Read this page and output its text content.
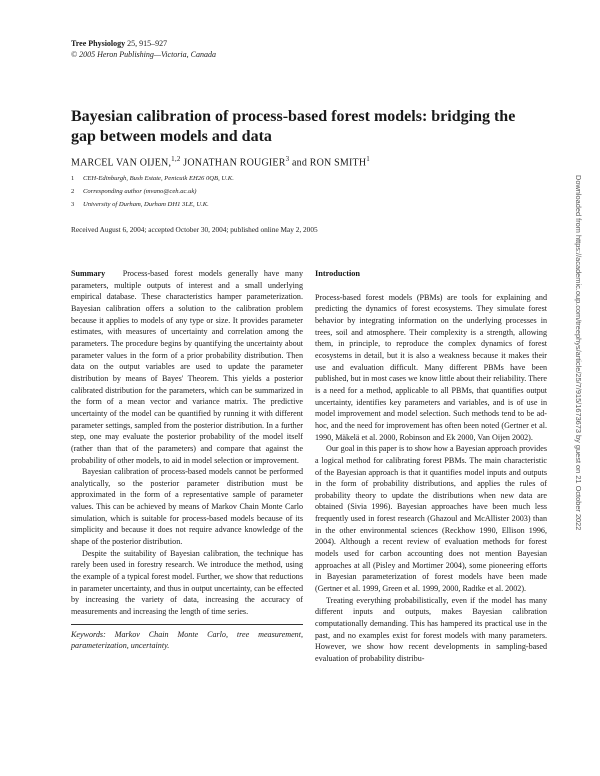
Tree Physiology 25, 915–927
© 2005 Heron Publishing—Victoria, Canada
Bayesian calibration of process-based forest models: bridging the gap between models and data
MARCEL VAN OIJEN,$^{1,2}$ JONATHAN ROUGIER$^3$ and RON SMITH$^1$
1 CEH-Edinburgh, Bush Estate, Penicuik EH26 0QB, U.K.
2 Corresponding author (mvano@ceh.ac.uk)
3 University of Durham, Durham DH1 3LE, U.K.
Received August 6, 2004; accepted October 30, 2004; published online May 2, 2005

Summary Process-based forest models generally have many parameters, multiple outputs of interest and a small underlying empirical database. These characteristics hamper parameterization. Bayesian calibration offers a solution to the calibration problem because it applies to models of any type or size. It provides parameter estimates, with measures of uncertainty and correlation among the parameters. The procedure begins by quantifying the uncertainty about parameter values in the form of a prior probability distribution. Then data on the output variables are used to update the parameter distribution by means of Bayes' Theorem. This yields a posterior calibrated distribution for the parameters, which can be summarized in the form of a mean vector and variance matrix. The predictive uncertainty of the model can be quantified by running it with different parameter settings, sampled from the posterior distribution. In a further step, one may evaluate the posterior probability of the model itself (rather than that of the parameters) and compare that against the probability of other models, to aid in model selection or improvement.

Bayesian calibration of process-based models cannot be performed analytically, so the posterior parameter distribution must be approximated in the form of a representative sample of parameter values. This can be achieved by means of Markov Chain Monte Carlo simulation, which is suitable for process-based models because of its simplicity and because it does not require advance knowledge of the shape of the posterior distribution.

Despite the suitability of Bayesian calibration, the technique has rarely been used in forestry research. We introduce the method, using the example of a typical forest model. Further, we show that reductions in parameter uncertainty, and thus in output uncertainty, can be effected by increasing the variety of data, increasing the accuracy of measurements and increasing the length of time series.

Keywords: Markov Chain Monte Carlo, tree measurement, parameterization, uncertainty.

Introduction

Process-based forest models (PBMs) are tools for explaining and predicting the dynamics of forest ecosystems. They simulate forest behavior by integrating information on the underlying processes in trees, soil and atmosphere. Their complexity is a strength, allowing them, in principle, to reproduce the complex dynamics of forest ecosystems in detail, but it is also a weakness because it makes their use and evaluation difficult. Many different PBMs have been published, but in most cases we know little about their reliability. There is a need for a method, applicable to all PBMs, that quantifies output uncertainty, identifies key parameters and variables, and is of use in model improvement and model selection. Such methods tend to be ad-hoc, and the need for improvement has often been noted (Gertner et al. 1990, Mäkelä et al. 2000, Robinson and Ek 2000, Van Oijen 2002).

Our goal in this paper is to show how a Bayesian approach provides a logical method for calibrating forest PBMs. The main characteristic of the Bayesian approach is that it quantifies model inputs and outputs in the form of probability distributions, and applies the rules of probability theory to update the distributions when new data are obtained (Sivia 1996). Bayesian approaches have been much less frequently used in forest research (Ghazoul and McAllister 2003) than in the other environmental sciences (Reckhow 1990, Ellison 1996, 2004). Although a recent review of evaluation methods for forest models used for carbon accounting does not mention Bayesian approaches at all (Pisley and Mortimer 2004), some pioneering efforts in Bayesian parameterization of forest models have been made (Gertner et al. 1999, Green et al. 1999, 2000, Radtke et al. 2002).

Treating everything probabilistically, even if the model has many different inputs and outputs, makes Bayesian calibration computationally demanding. This has hampered its practical use in the past, and no examples exist for forest models with many parameters. However, we show how recent developments in sampling-based evaluation of probability distribu-

Downloaded from https://academic.oup.com/treephys/article/25/7/915/1673673 by guest on 21 October 2022
